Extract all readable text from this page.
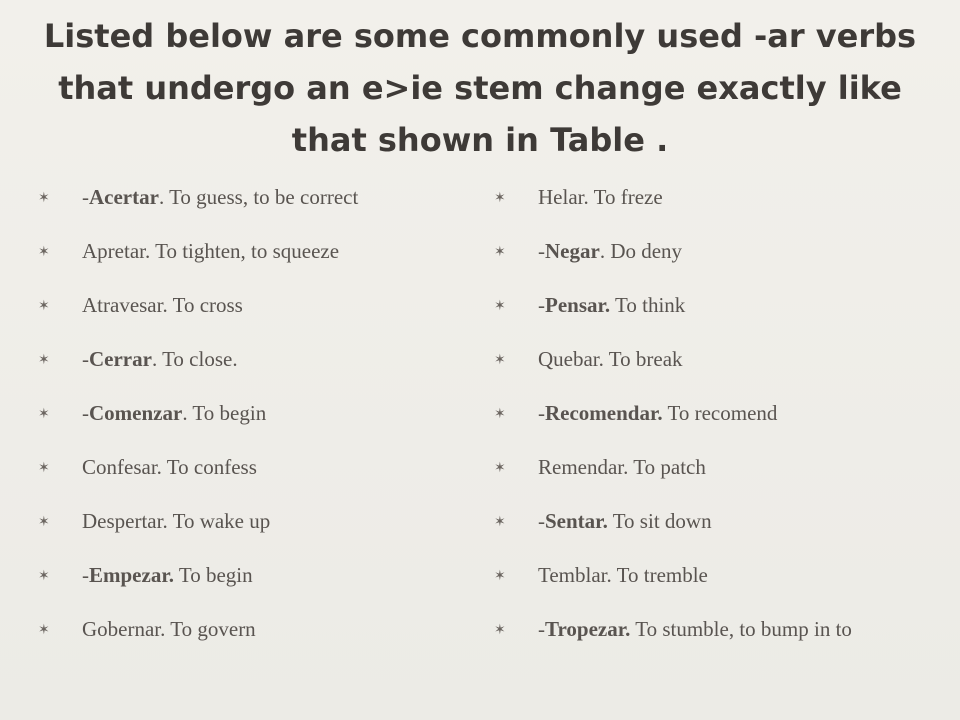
Listed below are some commonly used -ar verbs that undergo an e>ie stem change exactly like that shown in Table .
✶ -Acertar. To guess, to be correct
✶ Apretar. To tighten, to squeeze
✶ Atravesar. To cross
✶ -Cerrar. To close.
✶ -Comenzar. To begin
✶ Confesar. To confess
✶ Despertar. To wake up
✶ -Empezar. To begin
✶ Gobernar. To govern
✶ Helar. To freze
✶ -Negar. Do deny
✶ -Pensar. To think
✶ Quebar. To break
✶ -Recomendar. To recomend
✶ Remendar. To patch
✶ -Sentar. To sit down
✶ Temblar. To tremble
✶ -Tropezar. To stumble, to bump in to
